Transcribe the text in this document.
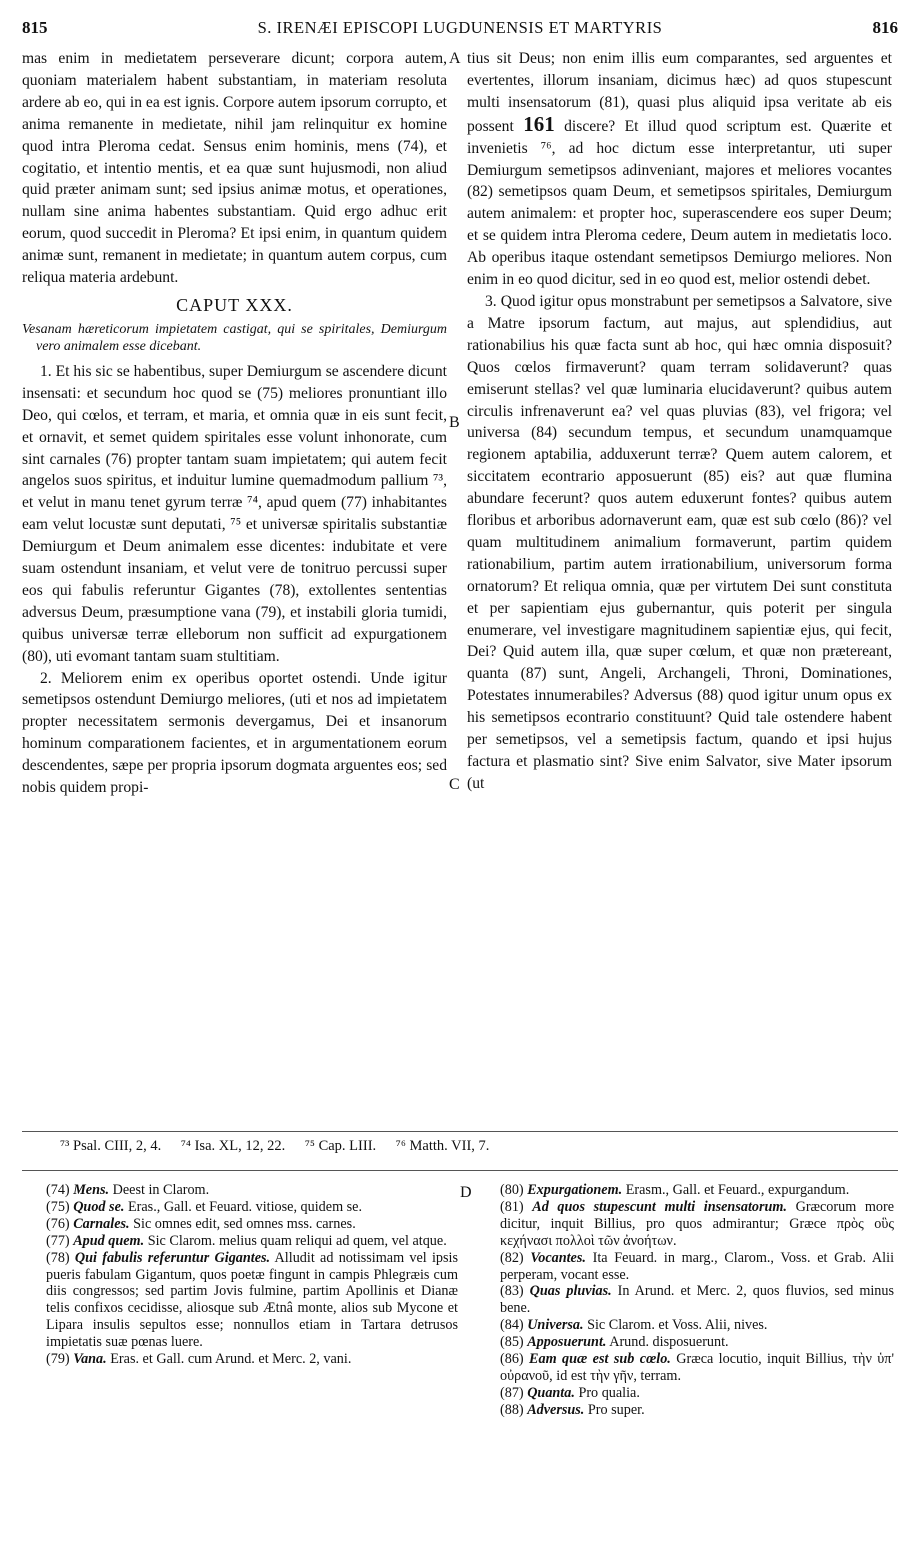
815	S. IRENÆI EPISCOPI LUGDUNENSIS ET MARTYRIS	816

mas enim in medietatem perseverare dicunt; corpora autem, quoniam materialem habent substantiam, in materiam resoluta ardere ab eo, qui in ea est ignis. Corpore autem ipsorum corrupto, et anima remanente in medietate, nihil jam relinquitur ex homine quod intra Pleroma cedat. Sensus enim hominis, mens (74), et cogitatio, et intentio mentis, et ea quæ sunt hujusmodi, non aliud quid præter animam sunt; sed ipsius animæ motus, et operationes, nullam sine anima habentes substantiam. Quid ergo adhuc erit eorum, quod succedit in Pleroma? Et ipsi enim, in quantum quidem animæ sunt, remanent in medietate; in quantum autem corpus, cum reliqua materia ardebunt.

CAPUT XXX.

Vesanam hæreticorum impietatem castigat, qui se spiritales, Demiurgum vero animalem esse dicebant.

1. Et his sic se habentibus, super Demiurgum se ascendere dicunt insensati: et secundum hoc quod se (75) meliores pronuntiant illo Deo, qui cœlos, et terram, et maria, et omnia quæ in eis sunt fecit, et ornavit, et semet quidem spiritales esse volunt inhonorate, cum sint carnales (76) propter tantam suam impietatem; qui autem fecit angelos suos spiritus, et induitur lumine quemadmodum pallium ⁷³, et velut in manu tenet gyrum terræ ⁷⁴, apud quem (77) inhabitantes eam velut locustæ sunt deputati, ⁷⁵ et universæ spiritalis substantiæ Demiurgum et Deum animalem esse dicentes: indubitate et vere suam ostendunt insaniam, et velut vere de tonitruo percussi super eos qui fabulis referuntur Gigantes (78), extollentes sententias adversus Deum, præsumptione vana (79), et instabili gloria tumidi, quibus universæ terræ elleborum non sufficit ad expurgationem (80), uti evomant tantam suam stultitiam.

2. Meliorem enim ex operibus oportet ostendi. Unde igitur semetipsos ostendunt Demiurgo meliores, (uti et nos ad impietatem propter necessitatem sermonis devergamus, Dei et insanorum hominum comparationem facientes, et in argumentationem eorum descendentes, sæpe per propria ipsorum dogmata arguentes eos; sed nobis quidem propi-

tius sit Deus; non enim illis eum comparantes, sed arguentes et evertentes, illorum insaniam, dicimus hæc) ad quos stupescunt multi insensatorum (81), quasi plus aliquid ipsa veritate ab eis possent 161 discere? Et illud quod scriptum est. Quærite et invenietis ⁷⁶, ad hoc dictum esse interpretantur, uti super Demiurgum semetipsos adinveniant, majores et meliores vocantes (82) semetipsos quam Deum, et semetipsos spiritales, Demiurgum autem animalem: et propter hoc, superascendere eos super Deum; et se quidem intra Pleroma cedere, Deum autem in medietatis loco. Ab operibus itaque ostendant semetipsos Demiurgo meliores. Non enim in eo quod dicitur, sed in eo quod est, melior ostendi debet.

3. Quod igitur opus monstrabunt per semetipsos a Salvatore, sive a Matre ipsorum factum, aut majus, aut splendidius, aut rationabilius his quæ facta sunt ab hoc, qui hæc omnia disposuit? Quos cœlos firmaverunt? quam terram solidaverunt? quas emiserunt stellas? vel quæ luminaria elucidaverunt? quibus autem circulis infrenaverunt ea? vel quas pluvias (83), vel frigora; vel universa (84) secundum tempus, et secundum unamquamque regionem aptabilia, adduxerunt terræ? Quem autem calorem, et siccitatem econtrario apposuerunt (85) eis? aut quæ flumina abundare fecerunt? quos autem eduxerunt fontes? quibus autem floribus et arboribus adornaverunt eam, quæ est sub cœlo (86)? vel quam multitudinem animalium formaverunt, partim quidem rationabilium, partim autem irrationabilium, universorum forma ornatorum? Et reliqua omnia, quæ per virtutem Dei sunt constituta et per sapientiam ejus gubernantur, quis poterit per singula enumerare, vel investigare magnitudinem sapientiæ ejus, qui fecit, Dei? Quid autem illa, quæ super cœlum, et quæ non prætereant, quanta (87) sunt, Angeli, Archangeli, Throni, Dominationes, Potestates innumerabiles? Adversus (88) quod igitur unum opus ex his semetipsos econtrario constituunt? Quid tale ostendere habent per semetipsos, vel a semetipsis factum, quando et ipsi hujus factura et plasmatio sint? Sive enim Salvator, sive Mater ipsorum (ut

A
B
C
D
⁷³ Psal. CIII, 2, 4. ⁷⁴ Isa. XL, 12, 22. ⁷⁵ Cap. LIII. ⁷⁶ Matth. VII, 7.

(74) Mens. Deest in Clarom.

(75) Quod se. Eras., Gall. et Feuard. vitiose, quidem se.

(76) Carnales. Sic omnes edit, sed omnes mss. carnes.

(77) Apud quem. Sic Clarom. melius quam reliqui ad quem, vel atque.

(78) Qui fabulis referuntur Gigantes. Alludit ad notissimam vel ipsis pueris fabulam Gigantum, quos poetæ fingunt in campis Phlegræis cum diis congressos; sed partim Jovis fulmine, partim Apollinis et Dianæ telis confixos cecidisse, aliosque sub Ætnâ monte, alios sub Mycone et Lipara insulis sepultos esse; nonnullos etiam in Tartara detrusos impietatis suæ pœnas luere.

(79) Vana. Eras. et Gall. cum Arund. et Merc. 2, vani.

(80) Expurgationem. Erasm., Gall. et Feuard., expurgandum.

(81) Ad quos stupescunt multi insensatorum. Græcorum more dicitur, inquit Billius, pro quos admirantur; Græce πρὸς οὓς κεχήνασι πολλοὶ τῶν ἀνοήτων.

(82) Vocantes. Ita Feuard. in marg., Clarom., Voss. et Grab. Alii perperam, vocant esse.

(83) Quas pluvias. In Arund. et Merc. 2, quos fluvios, sed minus bene.

(84) Universa. Sic Clarom. et Voss. Alii, nives.

(85) Apposuerunt. Arund. disposuerunt.

(86) Eam quæ est sub cœlo. Græca locutio, inquit Billius, τὴν ὑπ' οὐρανοῦ, id est τὴν γῆν, terram.

(87) Quanta. Pro qualia.

(88) Adversus. Pro super.
